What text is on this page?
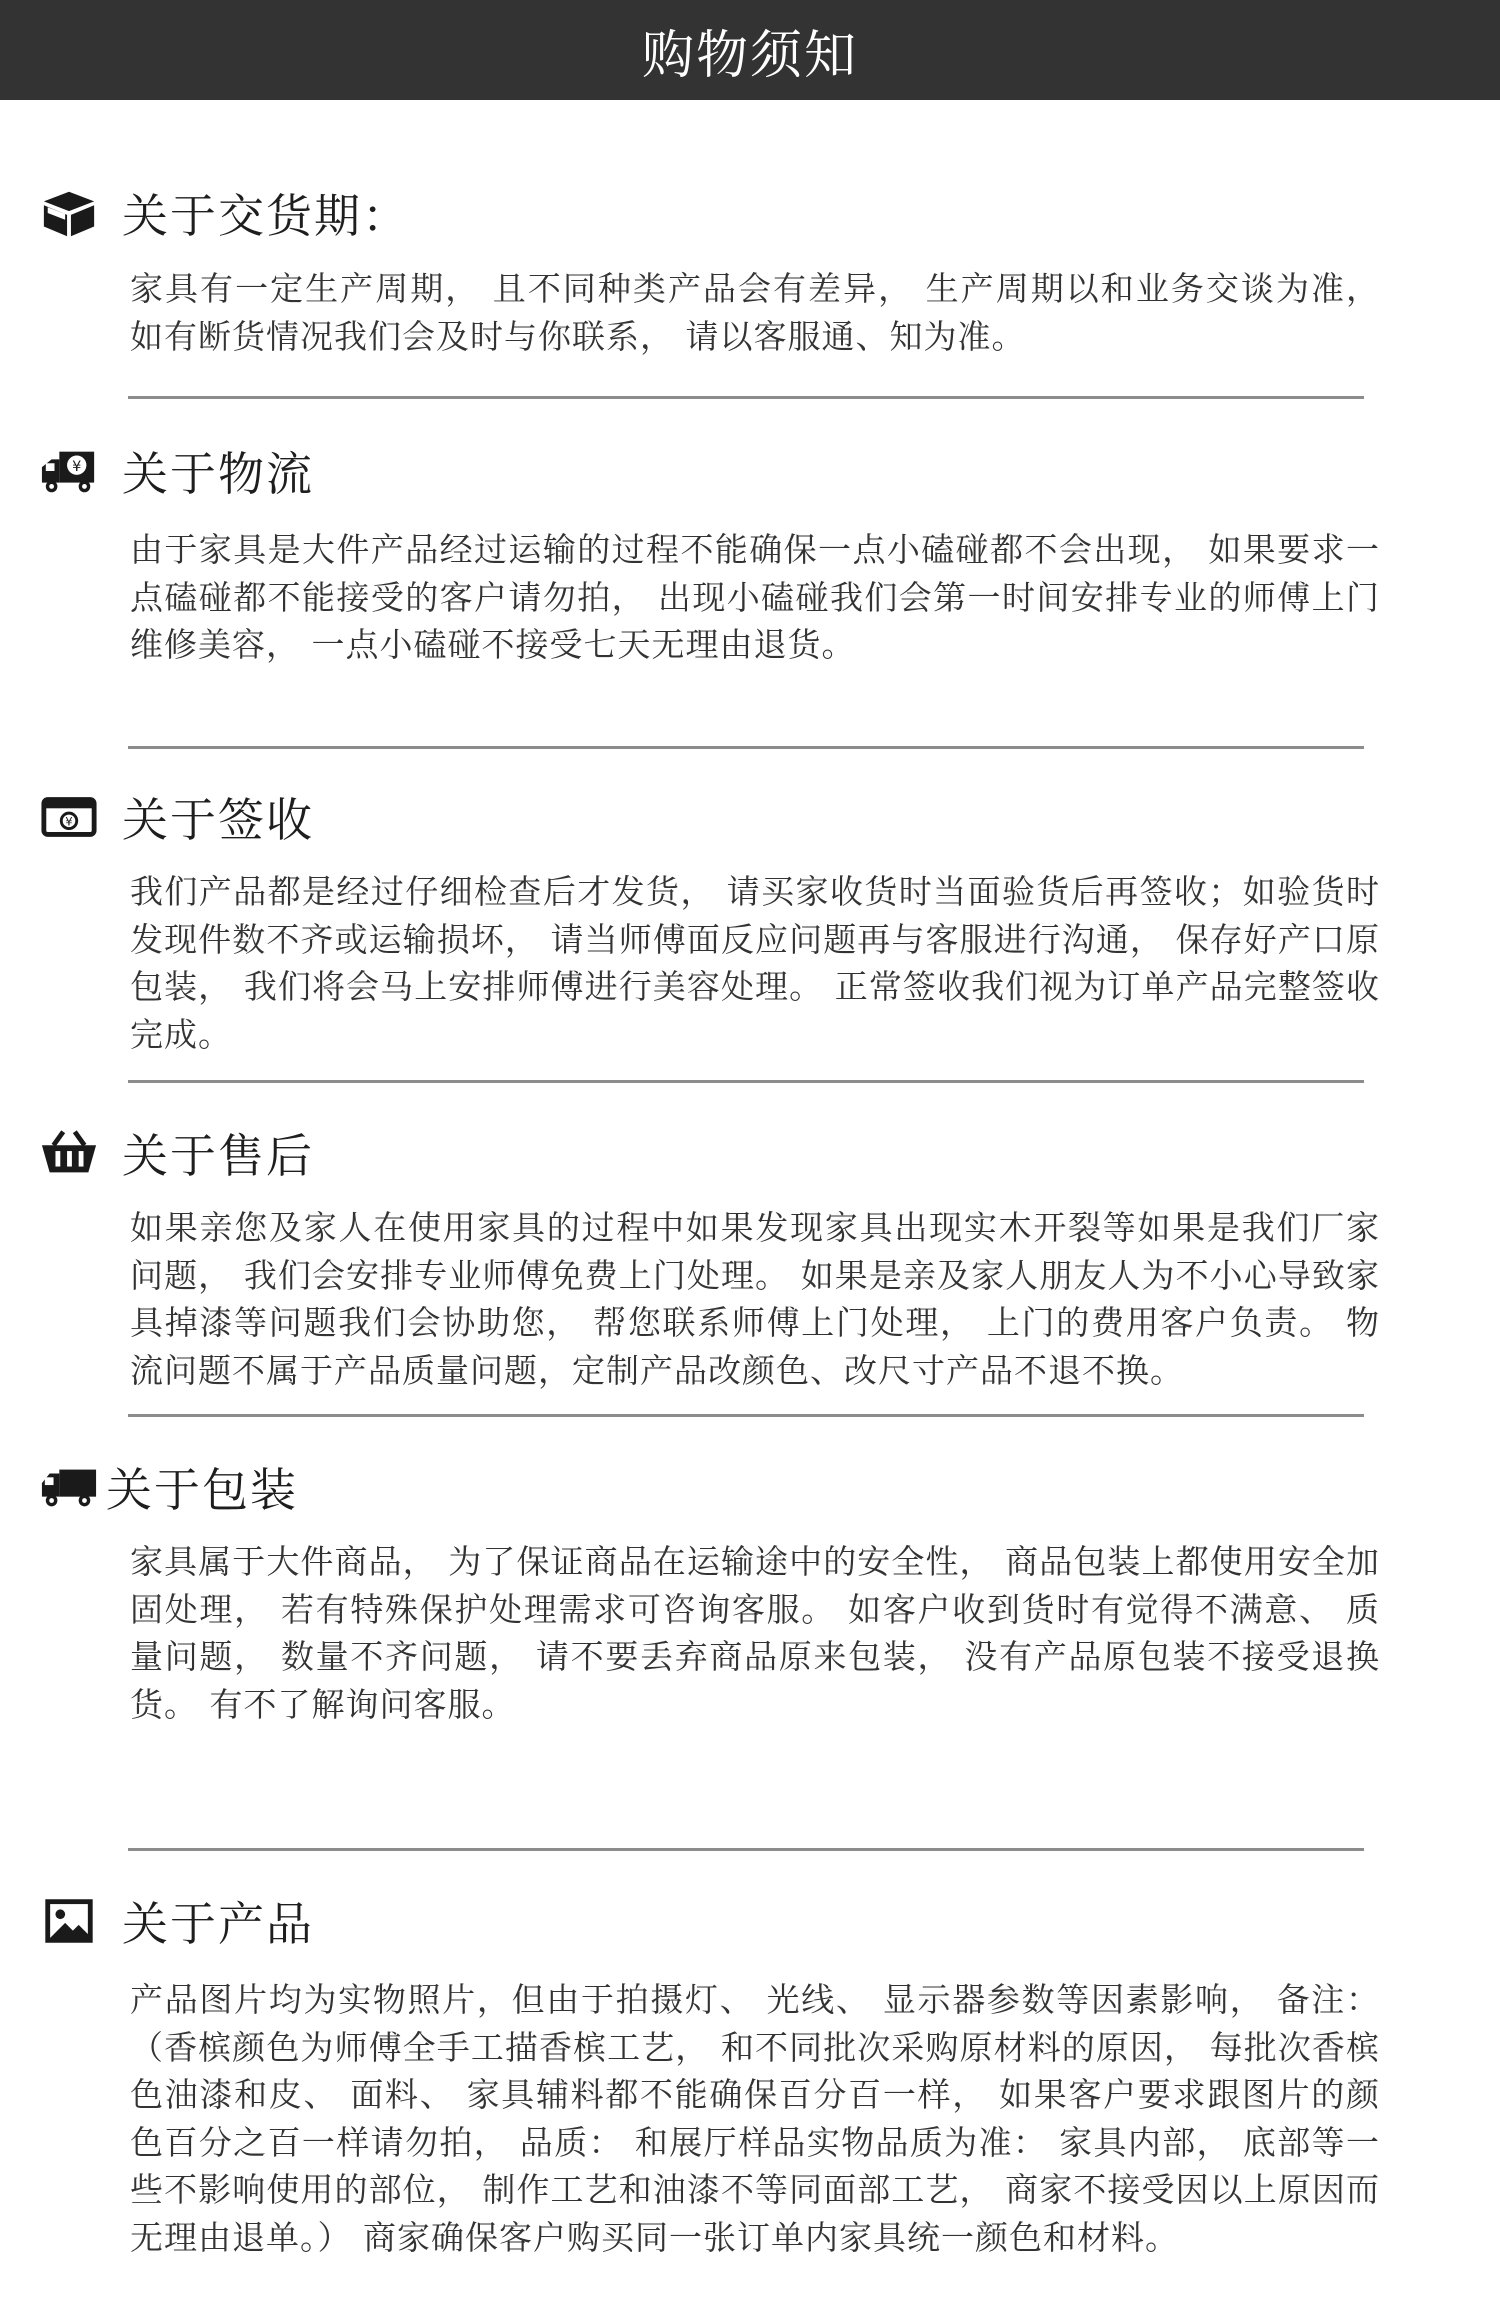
购物须知
关于交货期：
家具有一定生产周期， 且不同种类产品会有差异， 生产周期以和业务交谈为准， 如有断货情况我们会及时与你联系， 请以客服通、知为准。
¥ 关于物流
由于家具是大件产品经过运输的过程不能确保一点小磕碰都不会出现， 如果要求一点磕碰都不能接受的客户请勿拍， 出现小磕碰我们会第一时间安排专业的师傅上门维修美容， 一点小磕碰不接受七天无理由退货。
¥ 关于签收
我们产品都是经过仔细检查后才发货， 请买家收货时当面验货后再签收；如验货时发现件数不齐或运输损坏， 请当师傅面反应问题再与客服进行沟通， 保存好产口原包装， 我们将会马上安排师傅进行美容处理。 正常签收我们视为订单产品完整签收完成。
关于售后
如果亲您及家人在使用家具的过程中如果发现家具出现实木开裂等如果是我们厂家问题， 我们会安排专业师傅免费上门处理。 如果是亲及家人朋友人为不小心导致家具掉漆等问题我们会协助您， 帮您联系师傅上门处理， 上门的费用客户负责。 物流问题不属于产品质量问题，定制产品改颜色、改尺寸产品不退不换。
关于包装
家具属于大件商品， 为了保证商品在运输途中的安全性， 商品包装上都使用安全加固处理， 若有特殊保护处理需求可咨询客服。 如客户收到货时有觉得不满意、 质量问题， 数量不齐问题， 请不要丢弃商品原来包装， 没有产品原包装不接受退换货。 有不了解询问客服。
关于产品
产品图片均为实物照片，但由于拍摄灯、 光线、 显示器参数等因素影响， 备注：（香槟颜色为师傅全手工描香槟工艺， 和不同批次采购原材料的原因， 每批次香槟色油漆和皮、 面料、 家具辅料都不能确保百分百一样， 如果客户要求跟图片的颜色百分之百一样请勿拍， 品质： 和展厅样品实物品质为准： 家具内部， 底部等一些不影响使用的部位， 制作工艺和油漆不等同面部工艺， 商家不接受因以上原因而无理由退单。） 商家确保客户购买同一张订单内家具统一颜色和材料。
